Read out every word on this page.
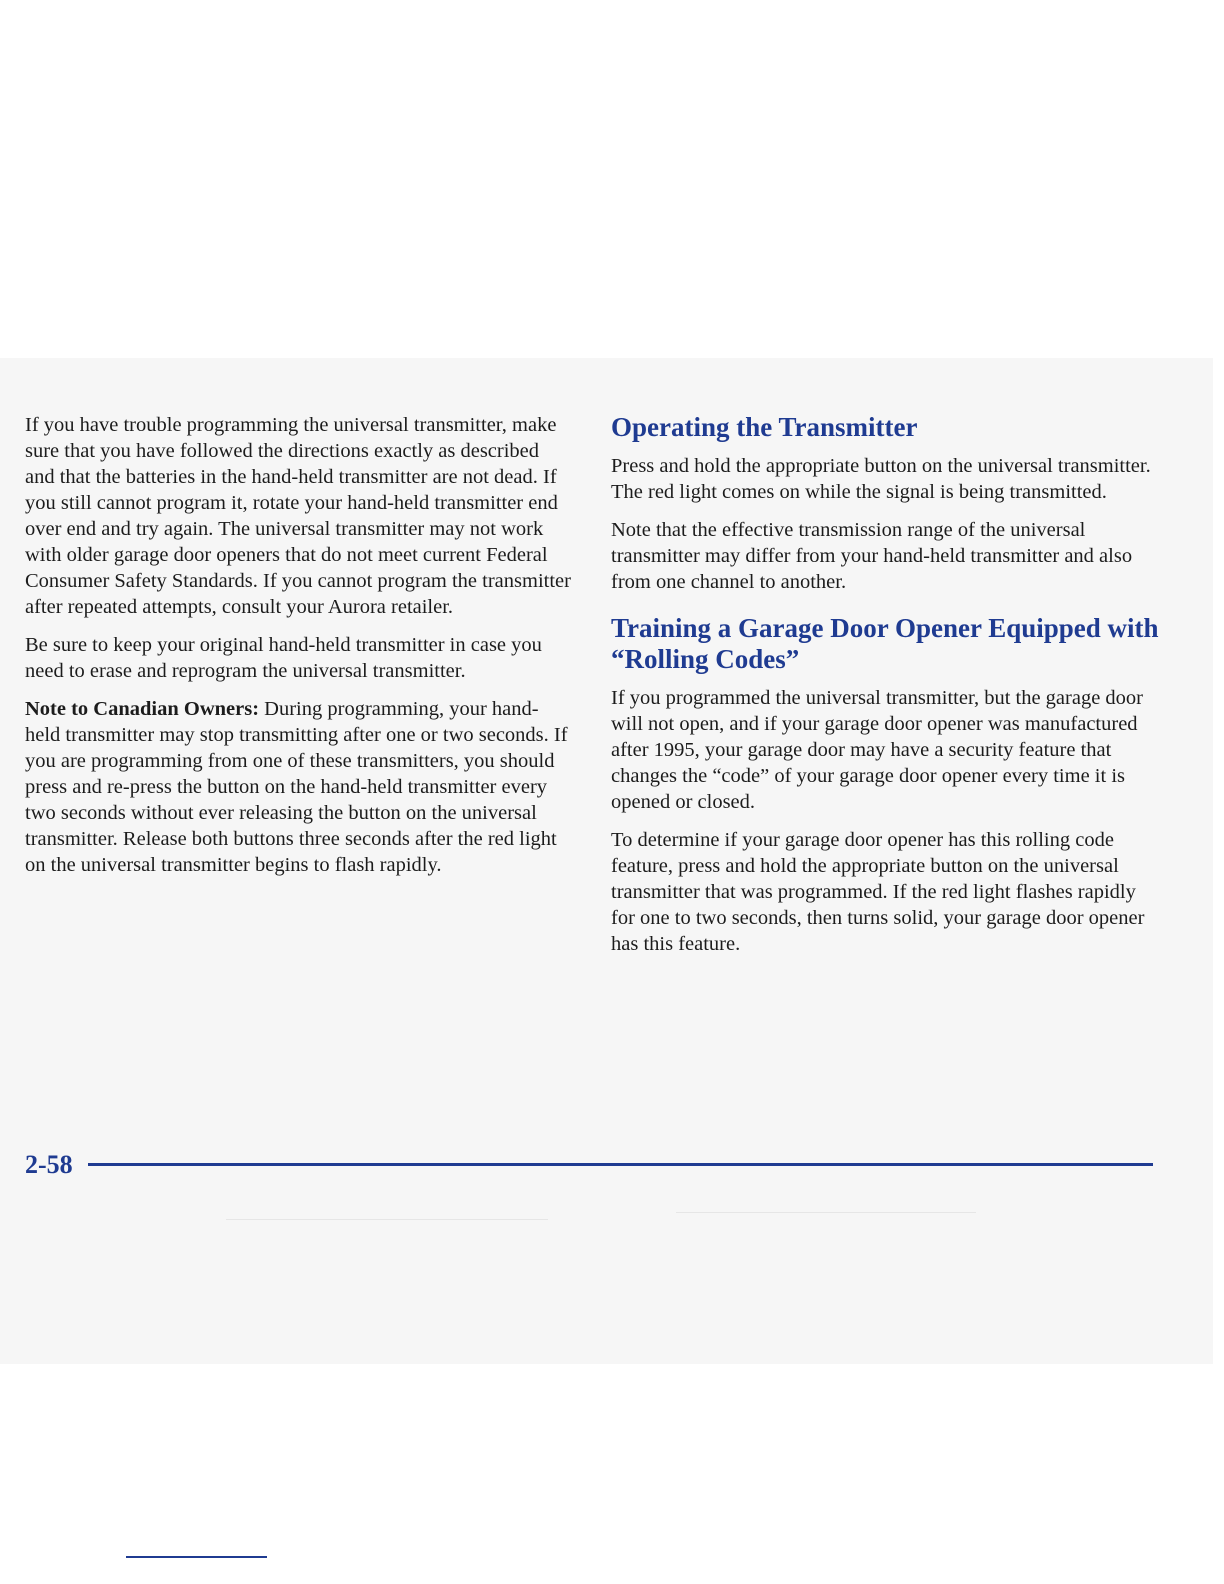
If you have trouble programming the universal transmitter, make sure that you have followed the directions exactly as described and that the batteries in the hand-held transmitter are not dead. If you still cannot program it, rotate your hand-held transmitter end over end and try again. The universal transmitter may not work with older garage door openers that do not meet current Federal Consumer Safety Standards. If you cannot program the transmitter after repeated attempts, consult your Aurora retailer.

Be sure to keep your original hand-held transmitter in case you need to erase and reprogram the universal transmitter.

Note to Canadian Owners: During programming, your hand-held transmitter may stop transmitting after one or two seconds. If you are programming from one of these transmitters, you should press and re-press the button on the hand-held transmitter every two seconds without ever releasing the button on the universal transmitter. Release both buttons three seconds after the red light on the universal transmitter begins to flash rapidly.

Operating the Transmitter

Press and hold the appropriate button on the universal transmitter. The red light comes on while the signal is being transmitted.

Note that the effective transmission range of the universal transmitter may differ from your hand-held transmitter and also from one channel to another.

Training a Garage Door Opener Equipped with “Rolling Codes”

If you programmed the universal transmitter, but the garage door will not open, and if your garage door opener was manufactured after 1995, your garage door may have a security feature that changes the “code” of your garage door opener every time it is opened or closed.

To determine if your garage door opener has this rolling code feature, press and hold the appropriate button on the universal transmitter that was programmed. If the red light flashes rapidly for one to two seconds, then turns solid, your garage door opener has this feature.

2-58
